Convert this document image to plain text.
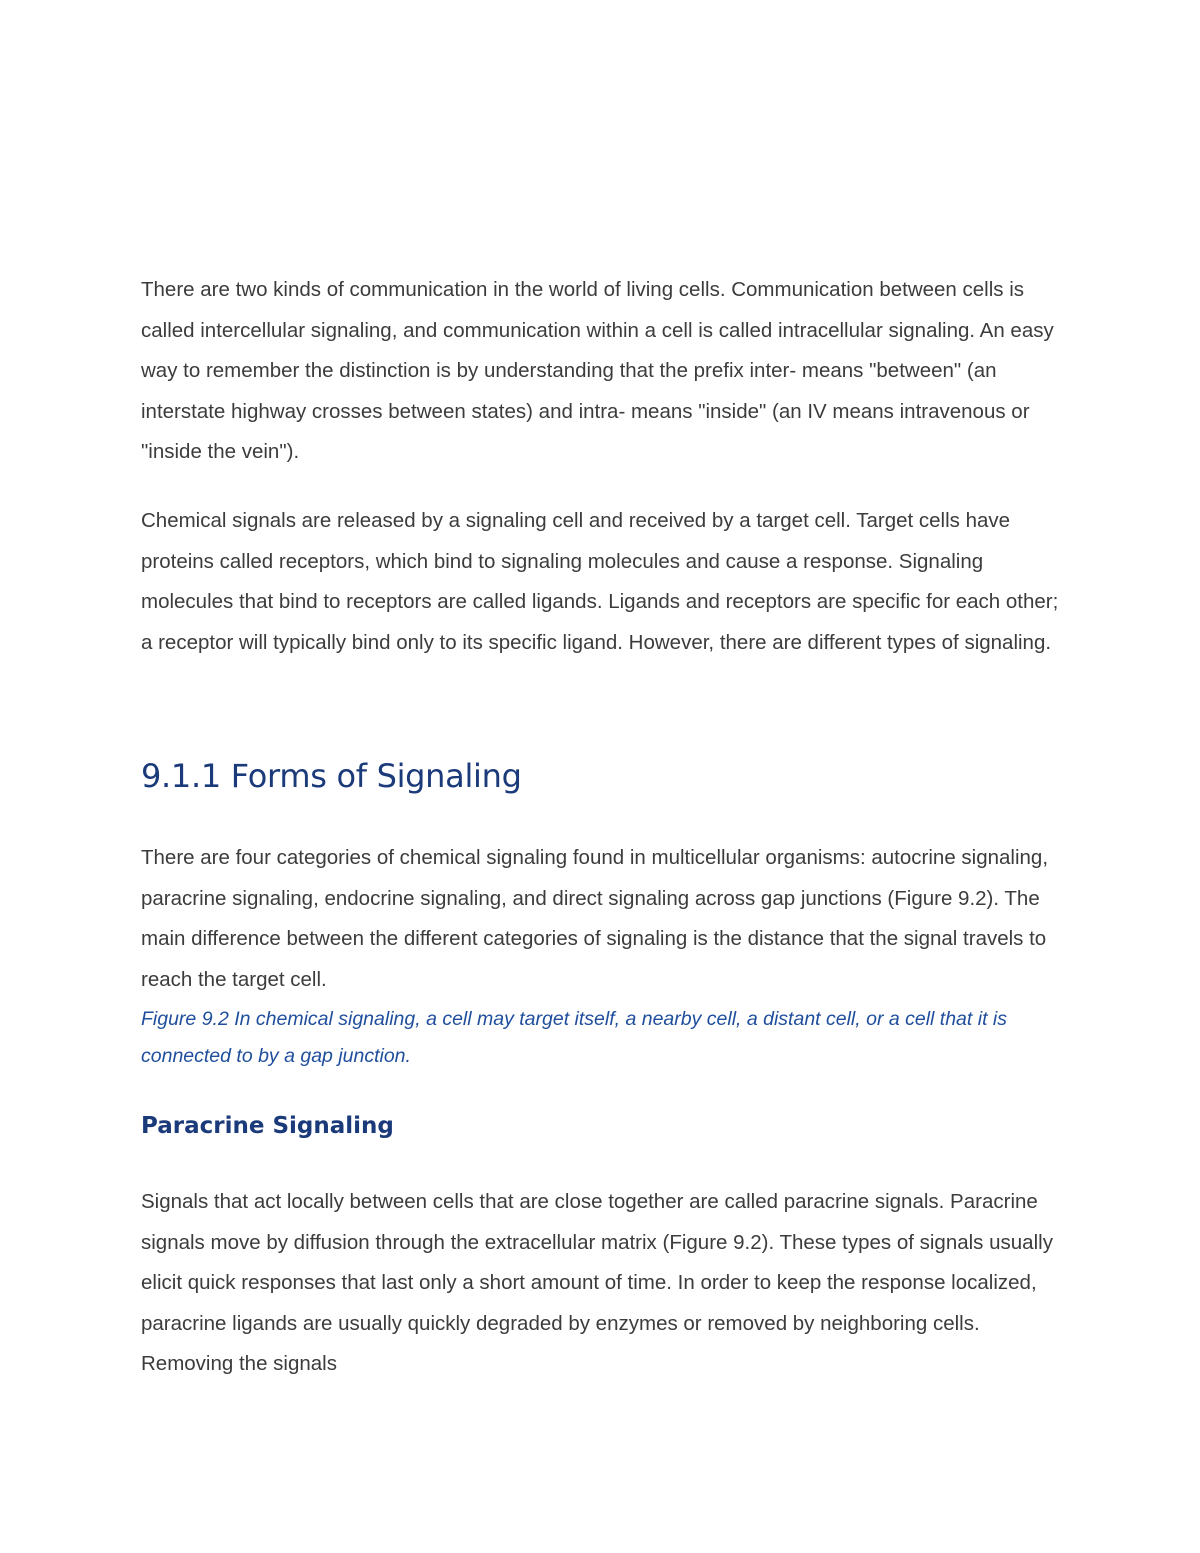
There are two kinds of communication in the world of living cells. Communication between cells is called intercellular signaling, and communication within a cell is called intracellular signaling. An easy way to remember the distinction is by understanding that the prefix inter- means "between" (an interstate highway crosses between states) and intra- means "inside" (an IV means intravenous or "inside the vein").

Chemical signals are released by a signaling cell and received by a target cell. Target cells have proteins called receptors, which bind to signaling molecules and cause a response. Signaling molecules that bind to receptors are called ligands. Ligands and receptors are specific for each other; a receptor will typically bind only to its specific ligand. However, there are different types of signaling.

9.1.1 Forms of Signaling

There are four categories of chemical signaling found in multicellular organisms: autocrine signaling, paracrine signaling, endocrine signaling, and direct signaling across gap junctions (Figure 9.2). The main difference between the different categories of signaling is the distance that the signal travels to reach the target cell.

Figure 9.2 In chemical signaling, a cell may target itself, a nearby cell, a distant cell, or a cell that it is connected to by a gap junction.

Paracrine Signaling

Signals that act locally between cells that are close together are called paracrine signals. Paracrine signals move by diffusion through the extracellular matrix (Figure 9.2). These types of signals usually elicit quick responses that last only a short amount of time. In order to keep the response localized, paracrine ligands are usually quickly degraded by enzymes or removed by neighboring cells. Removing the signals
